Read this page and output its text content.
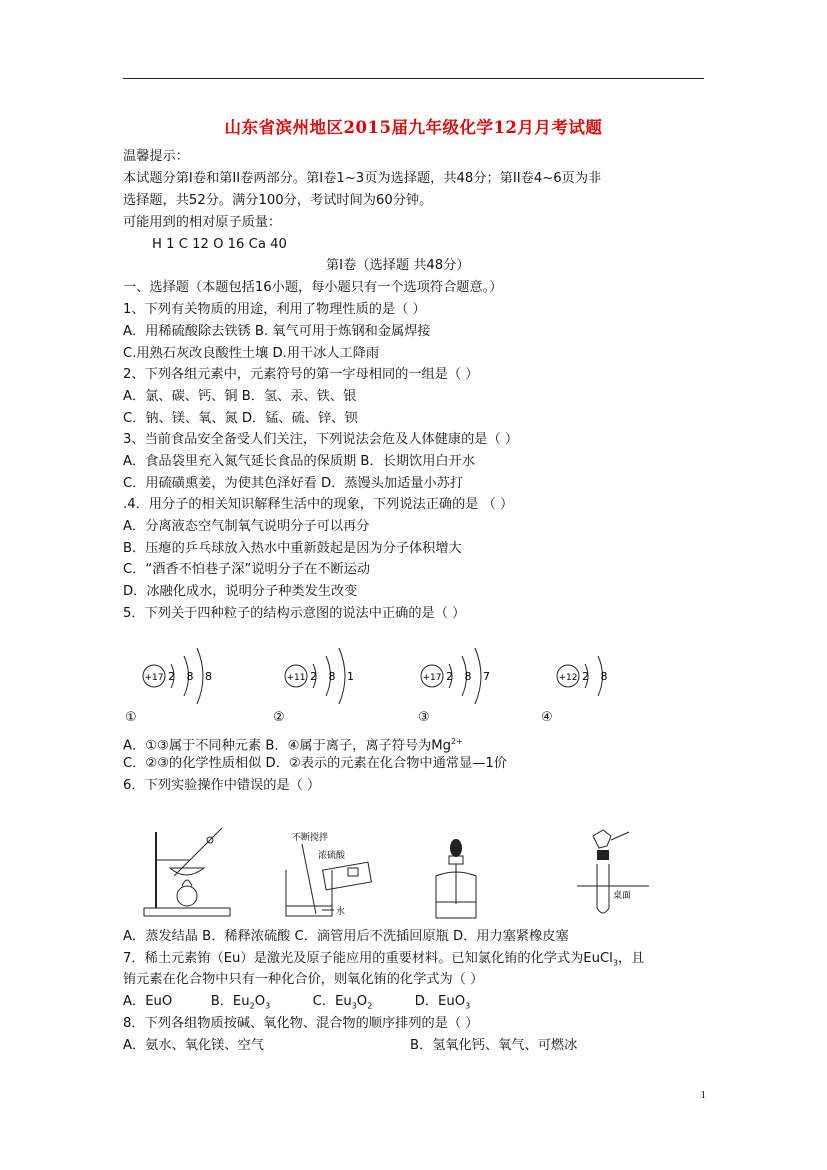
山东省滨州地区2015届九年级化学12月月考试题
温馨提示：
本试题分第Ⅰ卷和第II卷两部分。第Ⅰ卷1~3页为选择题，共48分；第II卷4~6页为非
选择题，共52分。满分100分，考试时间为60分钟。
可能用到的相对原子质量：
H 1 C 12 O 16 Ca 40
第Ⅰ卷（选择题 共48分）
一、选择题（本题包括16小题，每小题只有一个选项符合题意。）
1、下列有关物质的用途，利用了物理性质的是（ ）
A．用稀硫酸除去铁锈 B. 氧气可用于炼钢和金属焊接
C.用熟石灰改良酸性土壤 D.用干冰人工降雨
2、下列各组元素中，元素符号的第一字母相同的一组是（ ）
A．氯、碳、钙、铜 B．氢、汞、铁、银
C．钠、镁、氧、氮 D．锰、硫、锌、钡
3、当前食品安全备受人们关注，下列说法会危及人体健康的是（ ）
A．食品袋里充入氮气延长食品的保质期 B．长期饮用白开水
C．用硫磺熏姜，为使其色泽好看 D．蒸馒头加适量小苏打
.4．用分子的相关知识解释生活中的现象，下列说法正确的是 （ ）
A．分离液态空气制氧气说明分子可以再分
B．压瘪的乒乓球放入热水中重新鼓起是因为分子体积增大
C．“酒香不怕巷子深”说明分子在不断运动
D．冰融化成水，说明分子种类发生改变
5．下列关于四种粒子的结构示意图的说法中正确的是（ ）
+17 2 8 8	+11 2 8 1	+17 2 8 7	+12 2 8
①	②	③	④
A．①③属于不同种元素 B．④属于离子，离子符号为$Mg^{2+}$
C．②③的化学性质相似 D．②表示的元素在化合物中通常显—1价
6．下列实验操作中错误的是（ ）
不断搅拌
浓硫酸
水
桌面
A．蒸发结晶 B．稀释浓硫酸 C．滴管用后不洗插回原瓶 D．用力塞紧橡皮塞
7．稀土元素铕（Eu）是激光及原子能应用的重要材料。已知氯化铕的化学式为EuCl$_3$，且
铕元素在化合物中只有一种化合价，则氧化铕的化学式为（ ）
A．EuO	B．$Eu_2O_3$	C．$Eu_3O_2$	D．EuO$_3$
8．下列各组物质按碱、氧化物、混合物的顺序排列的是（ ）
A．氨水、氧化镁、空气	B．氢氧化钙、氧气、可燃冰
1
